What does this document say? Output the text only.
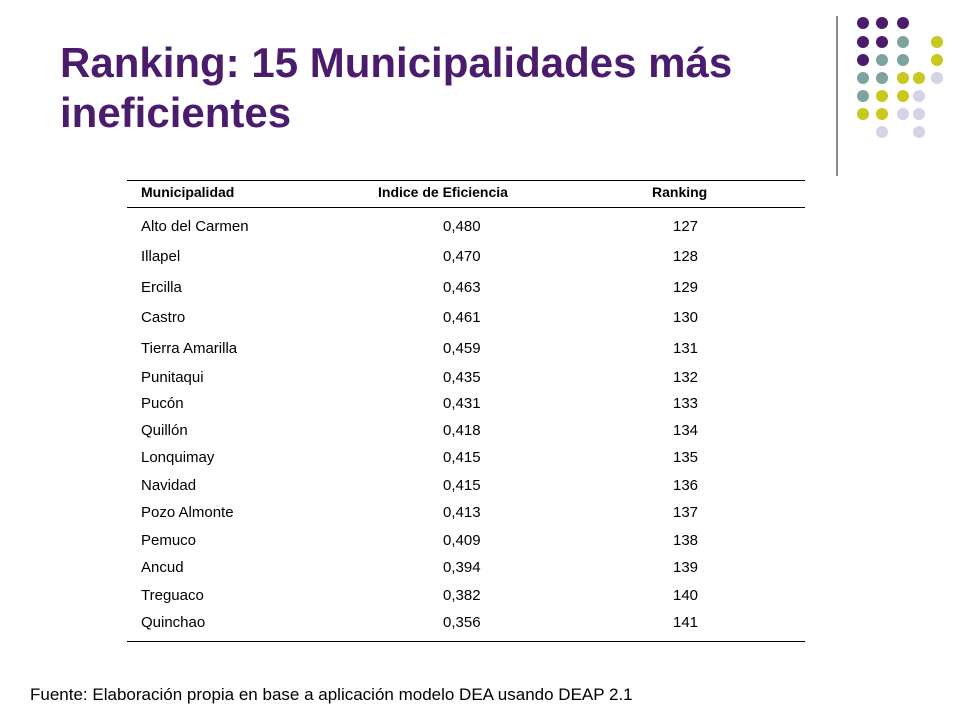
Ranking: 15 Municipalidades más ineficientes
Municipalidad	Indice de Eficiencia	Ranking
Alto del Carmen	0,480	127
Illapel	0,470	128
Ercilla	0,463	129
Castro	0,461	130
Tierra Amarilla	0,459	131
Punitaqui	0,435	132
Pucón	0,431	133
Quillón	0,418	134
Lonquimay	0,415	135
Navidad	0,415	136
Pozo Almonte	0,413	137
Pemuco	0,409	138
Ancud	0,394	139
Treguaco	0,382	140
Quinchao	0,356	141
Fuente: Elaboración propia en base a aplicación modelo DEA usando DEAP 2.1
